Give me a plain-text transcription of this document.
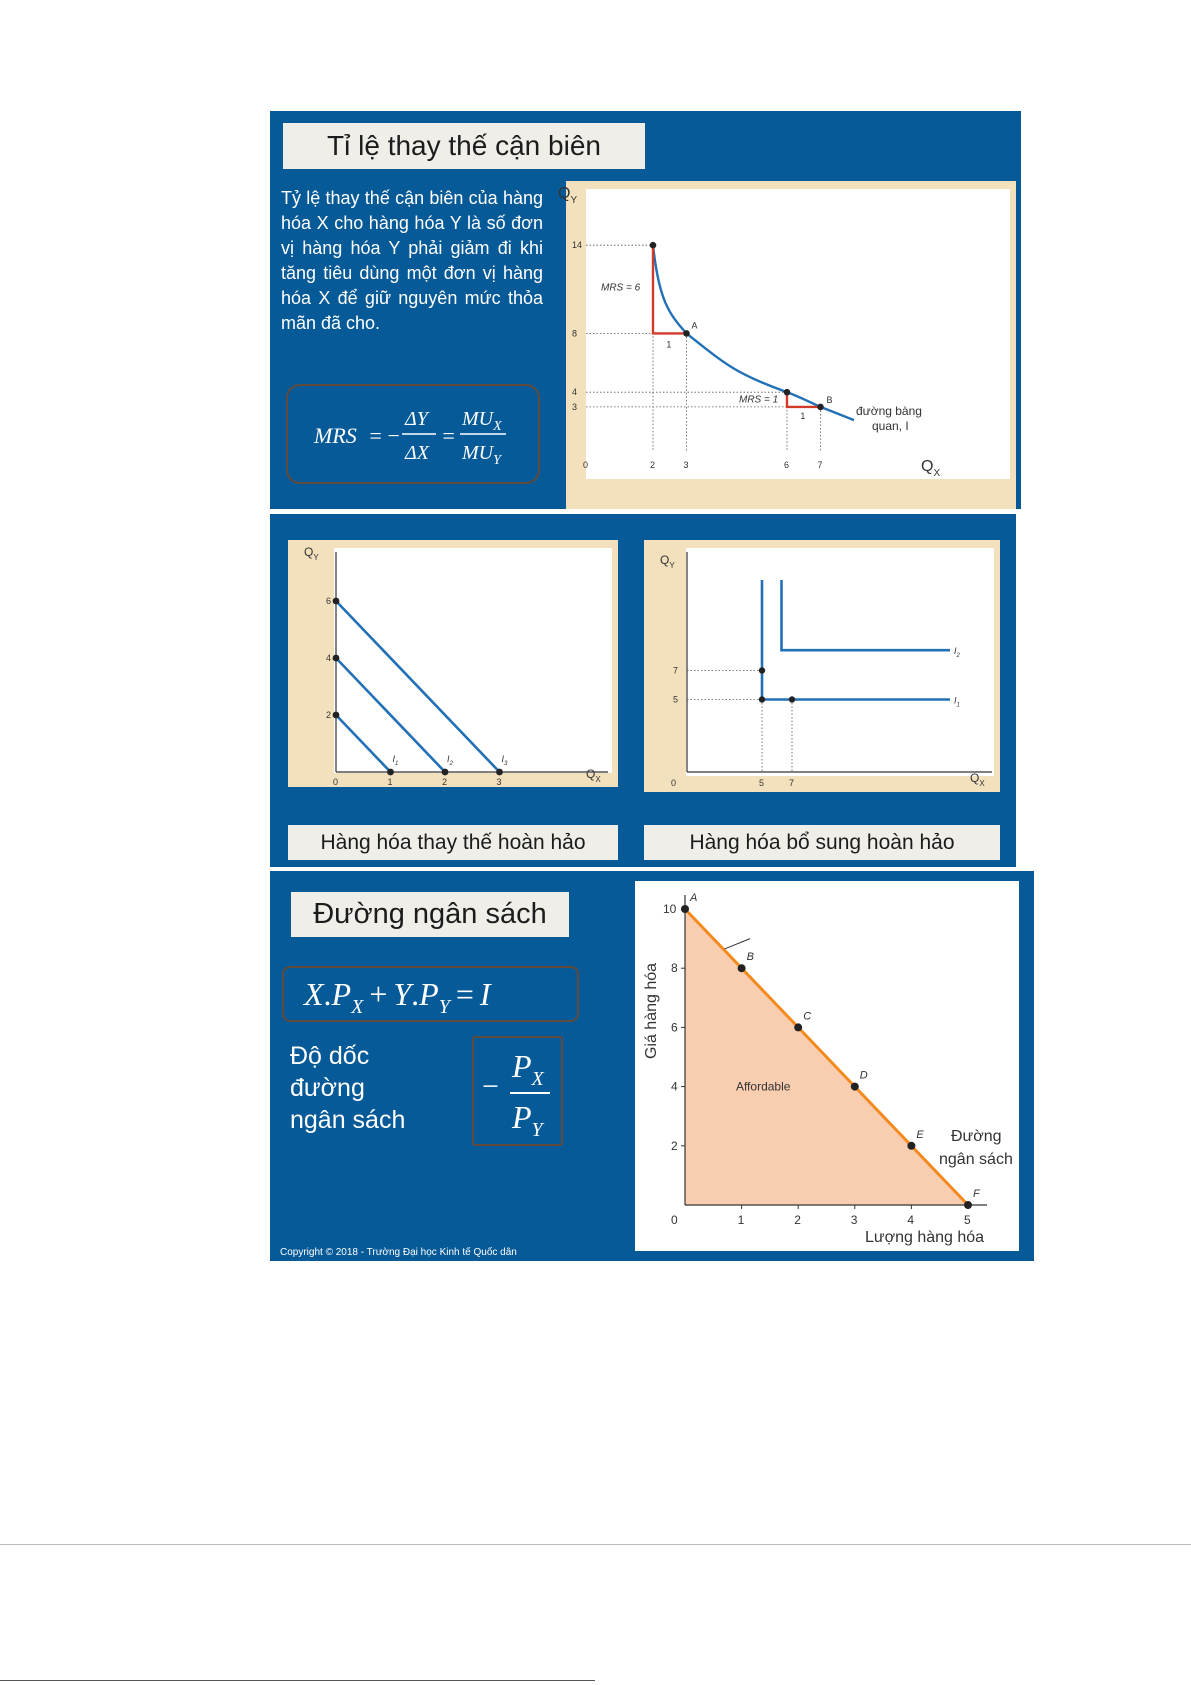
Tỉ lệ thay thế cận biên
Tỷ lệ thay thế cận biên của hàng hóa X cho hàng hóa Y là số đơn vị hàng hóa Y phải giảm đi khi tăng tiêu dùng một đơn vị hàng hóa X để giữ nguyên mức thỏa mãn đã cho.
MRS = −
ΔY
ΔX
=
$MU_X$
$MU_Y$
$Q_Y$
$Q_X$
0	2	3	6	7
3
4
8
14
A
B
MRS = 6
1
MRS = 1
1	đường bàng
quan, I
$Q_Y$
$Q_X$
0	1	2	3
2
4
6
$I_1$	$I_2$	$I_3$
$Q_Y$
$Q_X$
0	5	7
5
7
$I_1$
$I_2$
Hàng hóa thay thế hoàn hảo	Hàng hóa bổ sung hoàn hảo
Đường ngân sách
$X.P_X + Y.P_Y = I$
Độ dốc
đường
ngân sách
−
$P_X$
$P_Y$
Copyright © 2018 - Trường Đại học Kinh tế Quốc dân
0	1	2	3	4	5
2
4
6
8
10
A
B
C
D
E
F
Affordable
Giá hàng hóa
Lượng hàng hóa
Đường
ngân sách
